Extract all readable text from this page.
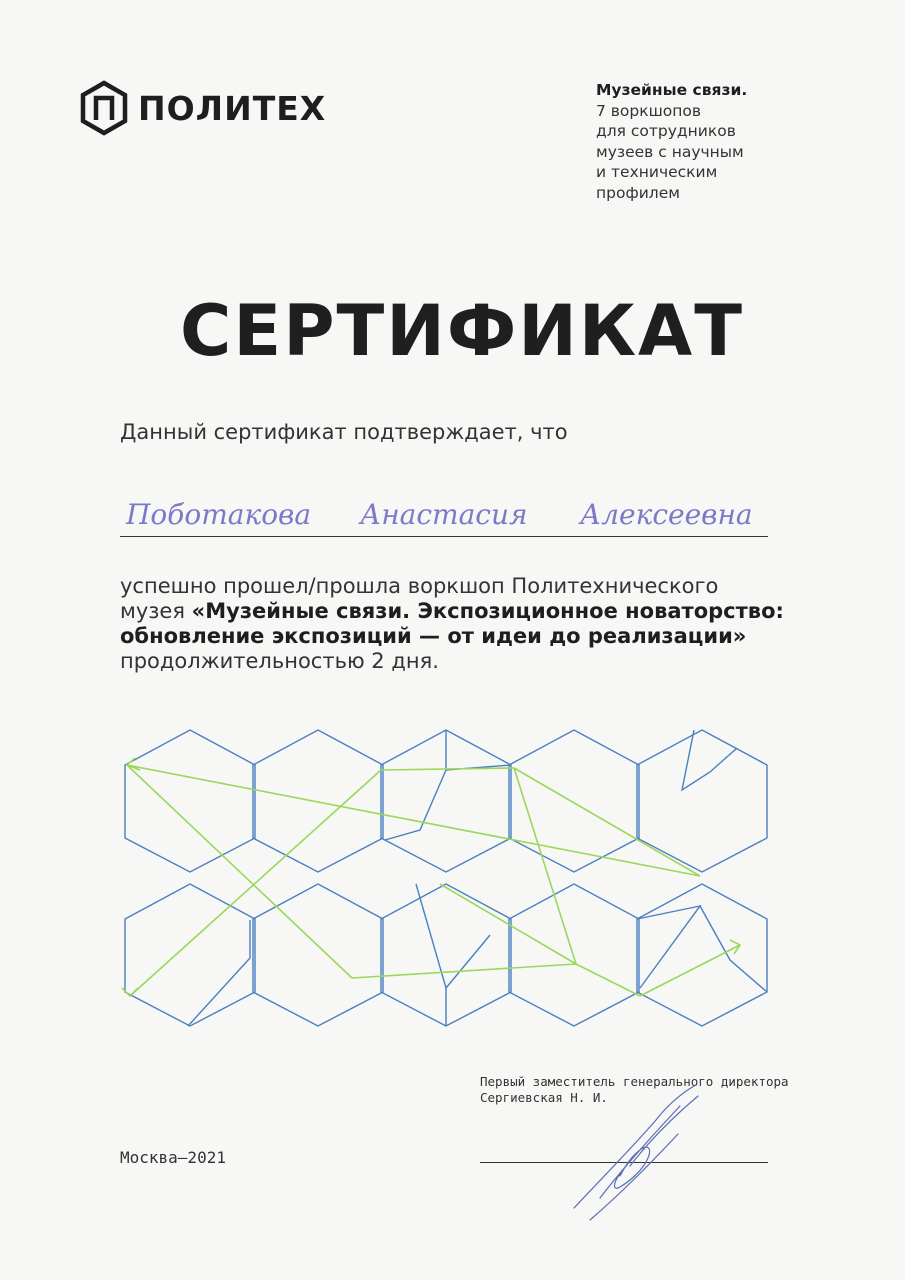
ПОЛИТЕХ	Музейные связи.
7 воркшопов
для сотрудников
музеев с научным
и техническим
профилем
СЕРТИФИКАТ
Данный сертификат подтверждает, что
Поботакова Анастасия Алексеевна
успешно прошел/прошла воркшоп Политехнического
музея «Музейные связи. Экспозиционное новаторство:
обновление экспозиций — от идеи до реализации»
продолжительностью 2 дня.
Первый заместитель генерального директора
Сергиевская Н. И.
Москва–2021
